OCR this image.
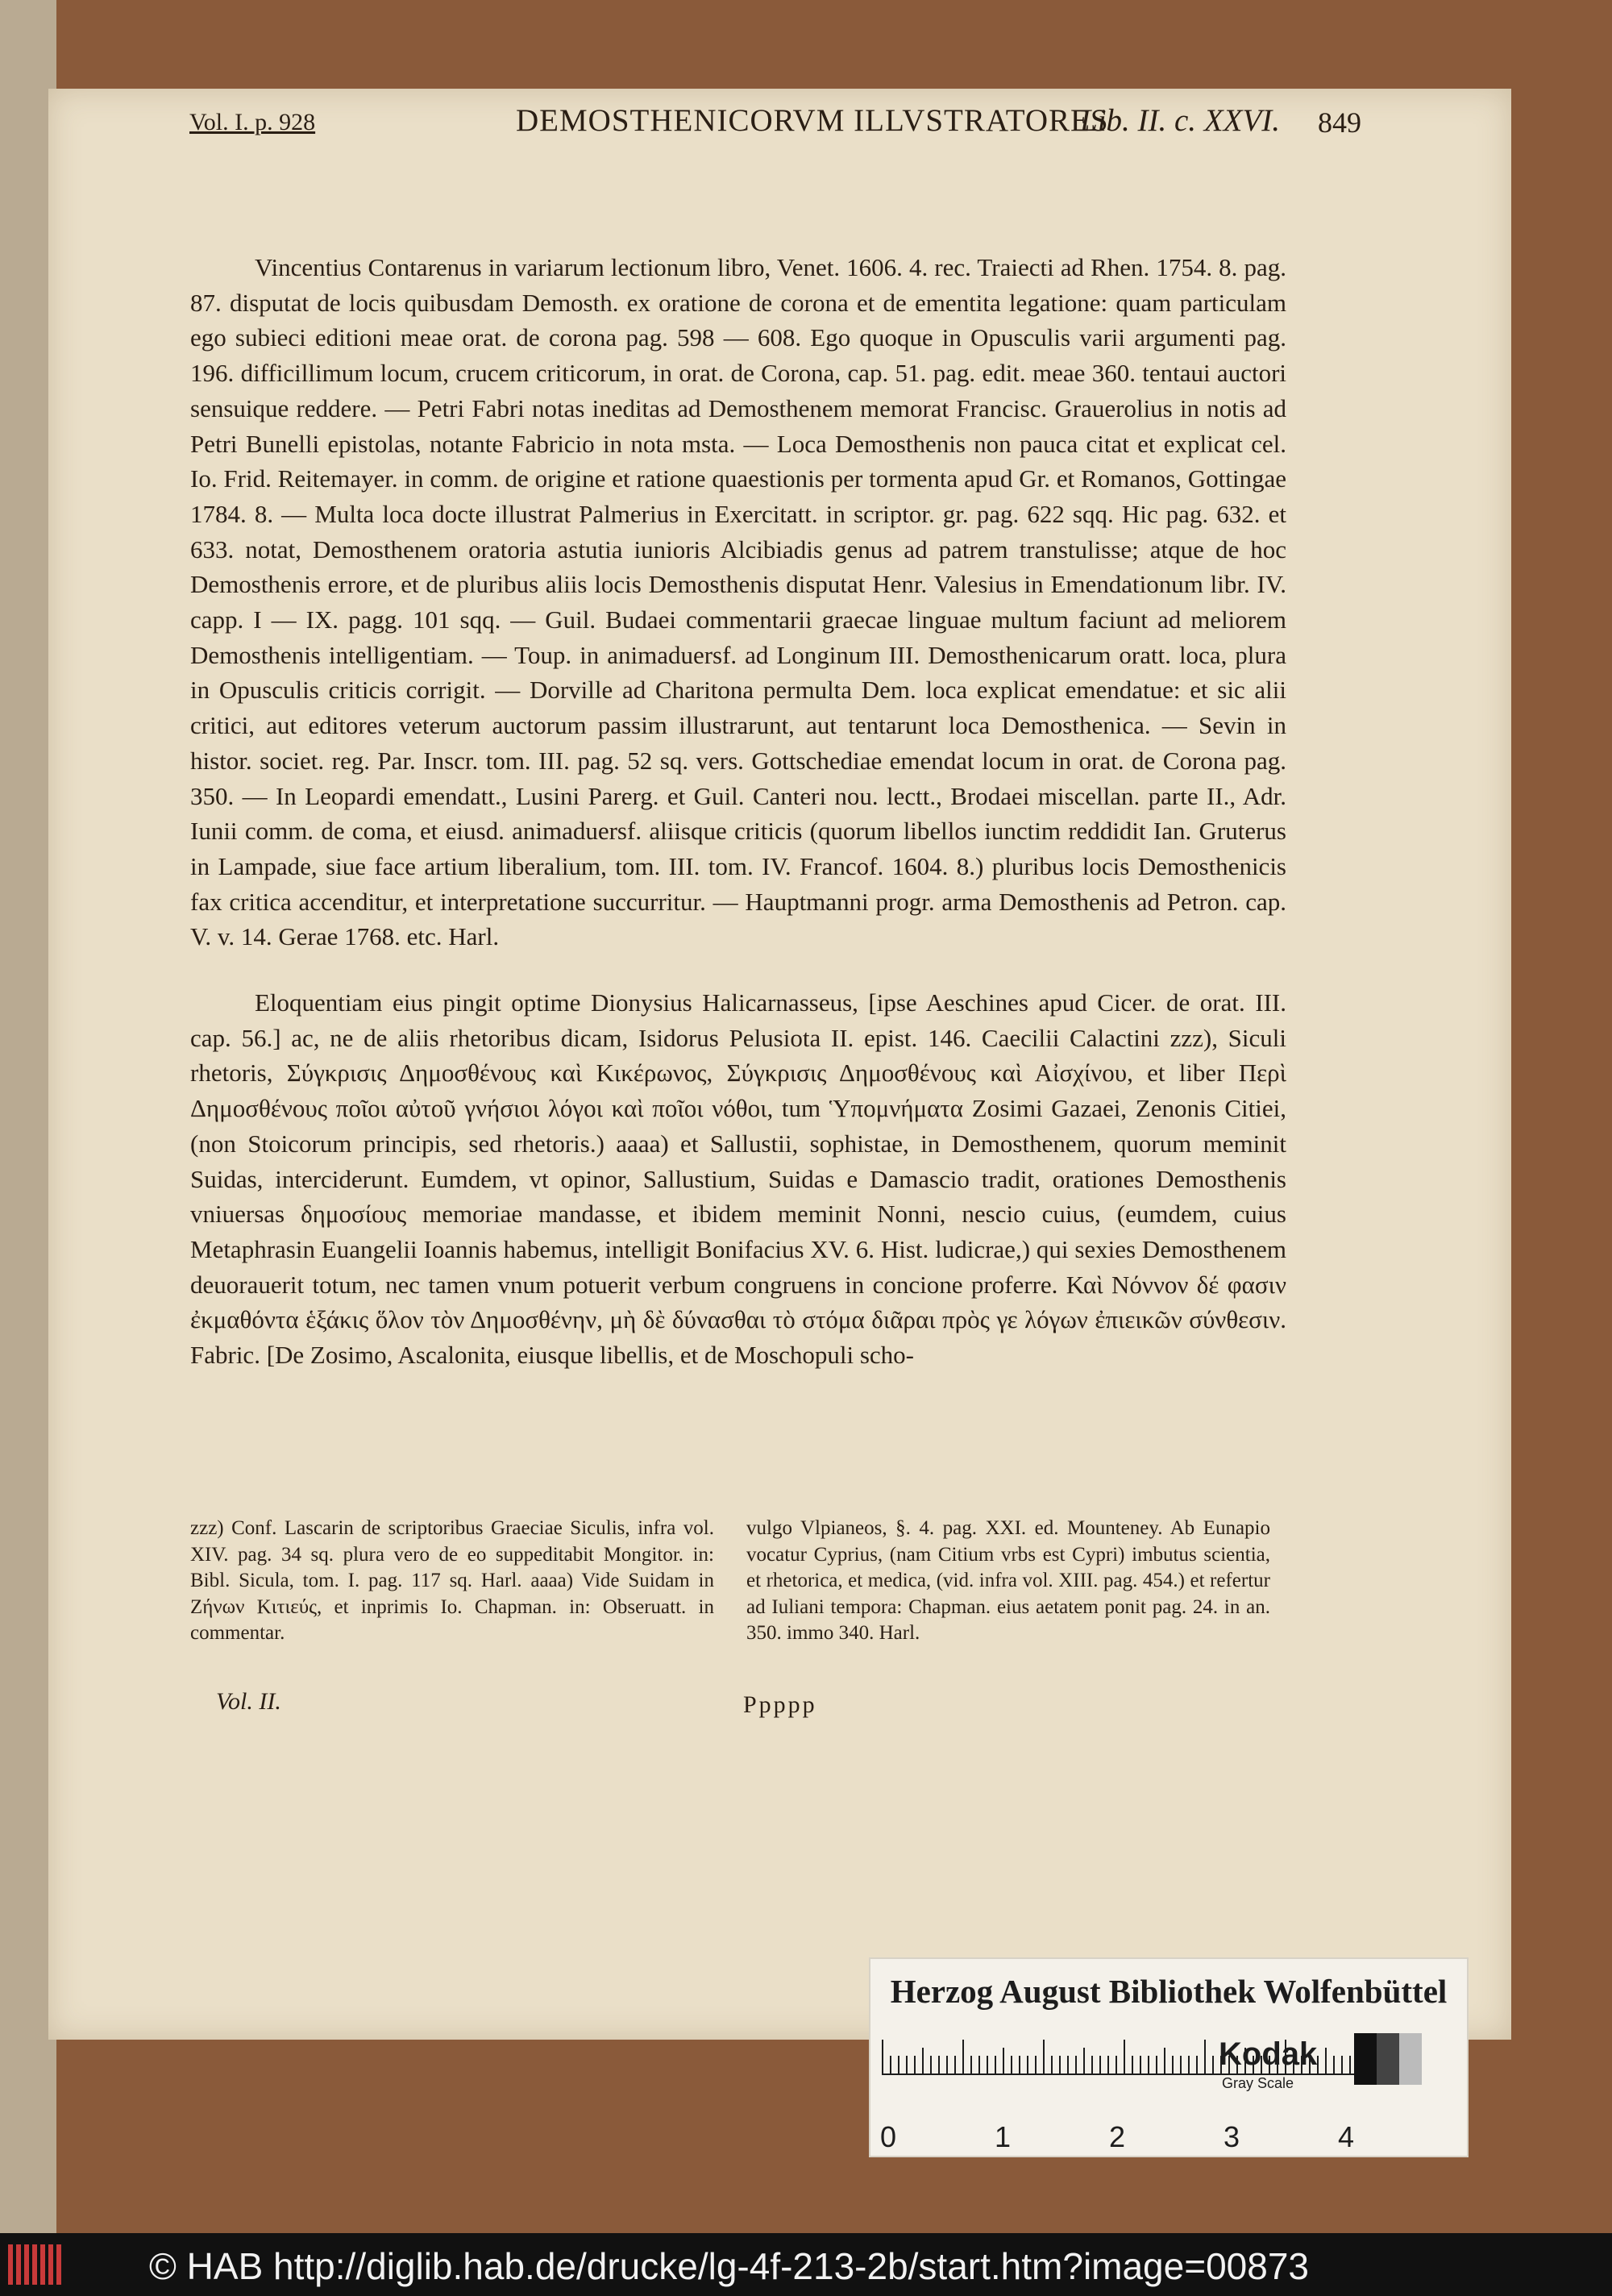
Vol. I. p. 928	DEMOSTHENICORVM ILLVSTRATORES
Lib. II. c. XXVI. 849

Vincentius Contarenus in variarum lectionum libro, Venet. 1606. 4. rec. Traiecti ad Rhen. 1754. 8. pag. 87. disputat de locis quibusdam Demosth. ex oratione de corona et de ementita legatione: quam particulam ego subieci editioni meae orat. de corona pag. 598 — 608. Ego quoque in Opusculis varii argumenti pag. 196. difficillimum locum, crucem criticorum, in orat. de Corona, cap. 51. pag. edit. meae 360. tentaui auctori sensuique reddere. — Petri Fabri notas ineditas ad Demosthenem memorat Francisc. Grauerolius in notis ad Petri Bunelli epistolas, notante Fabricio in nota msta. — Loca Demosthenis non pauca citat et explicat cel. Io. Frid. Reitemayer. in comm. de origine et ratione quaestionis per tormenta apud Gr. et Romanos, Gottingae 1784. 8. — Multa loca docte illustrat Palmerius in Exercitatt. in scriptor. gr. pag. 622 sqq. Hic pag. 632. et 633. notat, Demosthenem oratoria astutia iunioris Alcibiadis genus ad patrem transtulisse; atque de hoc Demosthenis errore, et de pluribus aliis locis Demosthenis disputat Henr. Valesius in Emendationum libr. IV. capp. I — IX. pagg. 101 sqq. — Guil. Budaei commentarii graecae linguae multum faciunt ad meliorem Demosthenis intelligentiam. — Toup. in animaduersf. ad Longinum III. Demosthenicarum oratt. loca, plura in Opusculis criticis corrigit. — Dorville ad Charitona permulta Dem. loca explicat emendatue: et sic alii critici, aut editores veterum auctorum passim illustrarunt, aut tentarunt loca Demosthenica. — Sevin in histor. societ. reg. Par. Inscr. tom. III. pag. 52 sq. vers. Gottschediae emendat locum in orat. de Corona pag. 350. — In Leopardi emendatt., Lusini Parerg. et Guil. Canteri nou. lectt., Brodaei miscellan. parte II., Adr. Iunii comm. de coma, et eiusd. animaduersf. aliisque criticis (quorum libellos iunctim reddidit Ian. Gruterus in Lampade, siue face artium liberalium, tom. III. tom. IV. Francof. 1604. 8.) pluribus locis Demosthenicis fax critica accenditur, et interpretatione succurritur. — Hauptmanni progr. arma Demosthenis ad Petron. cap. V. v. 14. Gerae 1768. etc. Harl.

Eloquentiam eius pingit optime Dionysius Halicarnasseus, [ipse Aeschines apud Cicer. de orat. III. cap. 56.] ac, ne de aliis rhetoribus dicam, Isidorus Pelusiota II. epist. 146. Caecilii Calactini zzz), Siculi rhetoris, Σύγκρισις Δημοσθένους καὶ Κικέρωνος, Σύγκρισις Δημοσθένους καὶ Αἰσχίνου, et liber Περὶ Δημοσθένους ποῖοι αὐτοῦ γνήσιοι λόγοι καὶ ποῖοι νόθοι, tum Ὑπομνήματα Zosimi Gazaei, Zenonis Citiei, (non Stoicorum principis, sed rhetoris.) aaaa) et Sallustii, sophistae, in Demosthenem, quorum meminit Suidas, interciderunt. Eumdem, vt opinor, Sallustium, Suidas e Damascio tradit, orationes Demosthenis vniuersas δημοσίους memoriae mandasse, et ibidem meminit Nonni, nescio cuius, (eumdem, cuius Metaphrasin Euangelii Ioannis habemus, intelligit Bonifacius XV. 6. Hist. ludicrae,) qui sexies Demosthenem deuorauerit totum, nec tamen vnum potuerit verbum congruens in concione proferre. Καὶ Νόννον δέ φασιν ἐκμαθόντα ἑξάκις ὅλον τὸν Δημοσθένην, μὴ δὲ δύνασθαι τὸ στόμα διᾶραι πρὸς γε λόγων ἐπιεικῶν σύνθεσιν. Fabric. [De Zosimo, Ascalonita, eiusque libellis, et de Moschopuli scho-

zzz) Conf. Lascarin de scriptoribus Graeciae Siculis, infra vol. XIV. pag. 34 sq. plura vero de eo suppeditabit Mongitor. in: Bibl. Sicula, tom. I. pag. 117 sq. Harl. aaaa) Vide Suidam in Ζήνων Κιτιεύς, et inprimis Io. Chapman. in: Obseruatt. in commentar.
vulgo Vlpianeos, §. 4. pag. XXI. ed. Mounteney. Ab Eunapio vocatur Cyprius, (nam Citium vrbs est Cypri) imbutus scientia, et rhetorica, et medica, (vid. infra vol. XIII. pag. 454.) et refertur ad Iuliani tempora: Chapman. eius aetatem ponit pag. 24. in an. 350. immo 340. Harl.
Vol. II.	Ppppp
Herzog August Bibliothek Wolfenbüttel
0	1	2	3	4
Kodak
Gray Scale
© HAB http://diglib.hab.de/drucke/lg-4f-213-2b/start.htm?image=00873
